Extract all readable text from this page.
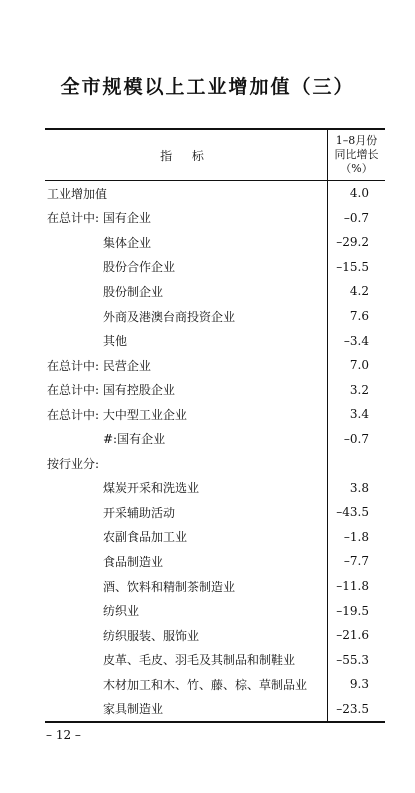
全市规模以上工业增加值（三）
指 标
1–8月份
同比增长
（%）
工业增加值	4.0
在总计中: 国有企业	–0.7
集体企业	–29.2
股份合作企业	–15.5
股份制企业	4.2
外商及港澳台商投资企业	7.6
其他	–3.4
在总计中: 民营企业	7.0
在总计中: 国有控股企业	3.2
在总计中: 大中型工业企业	3.4
#:国有企业	–0.7
按行业分:
煤炭开采和洗选业	3.8
开采辅助活动	–43.5
农副食品加工业	–1.8
食品制造业	–7.7
酒、饮料和精制茶制造业	–11.8
纺织业	–19.5
纺织服装、服饰业	–21.6
皮革、毛皮、羽毛及其制品和制鞋业	–55.3
木材加工和木、竹、藤、棕、草制品业	9.3
家具制造业	–23.5
– 12 –
